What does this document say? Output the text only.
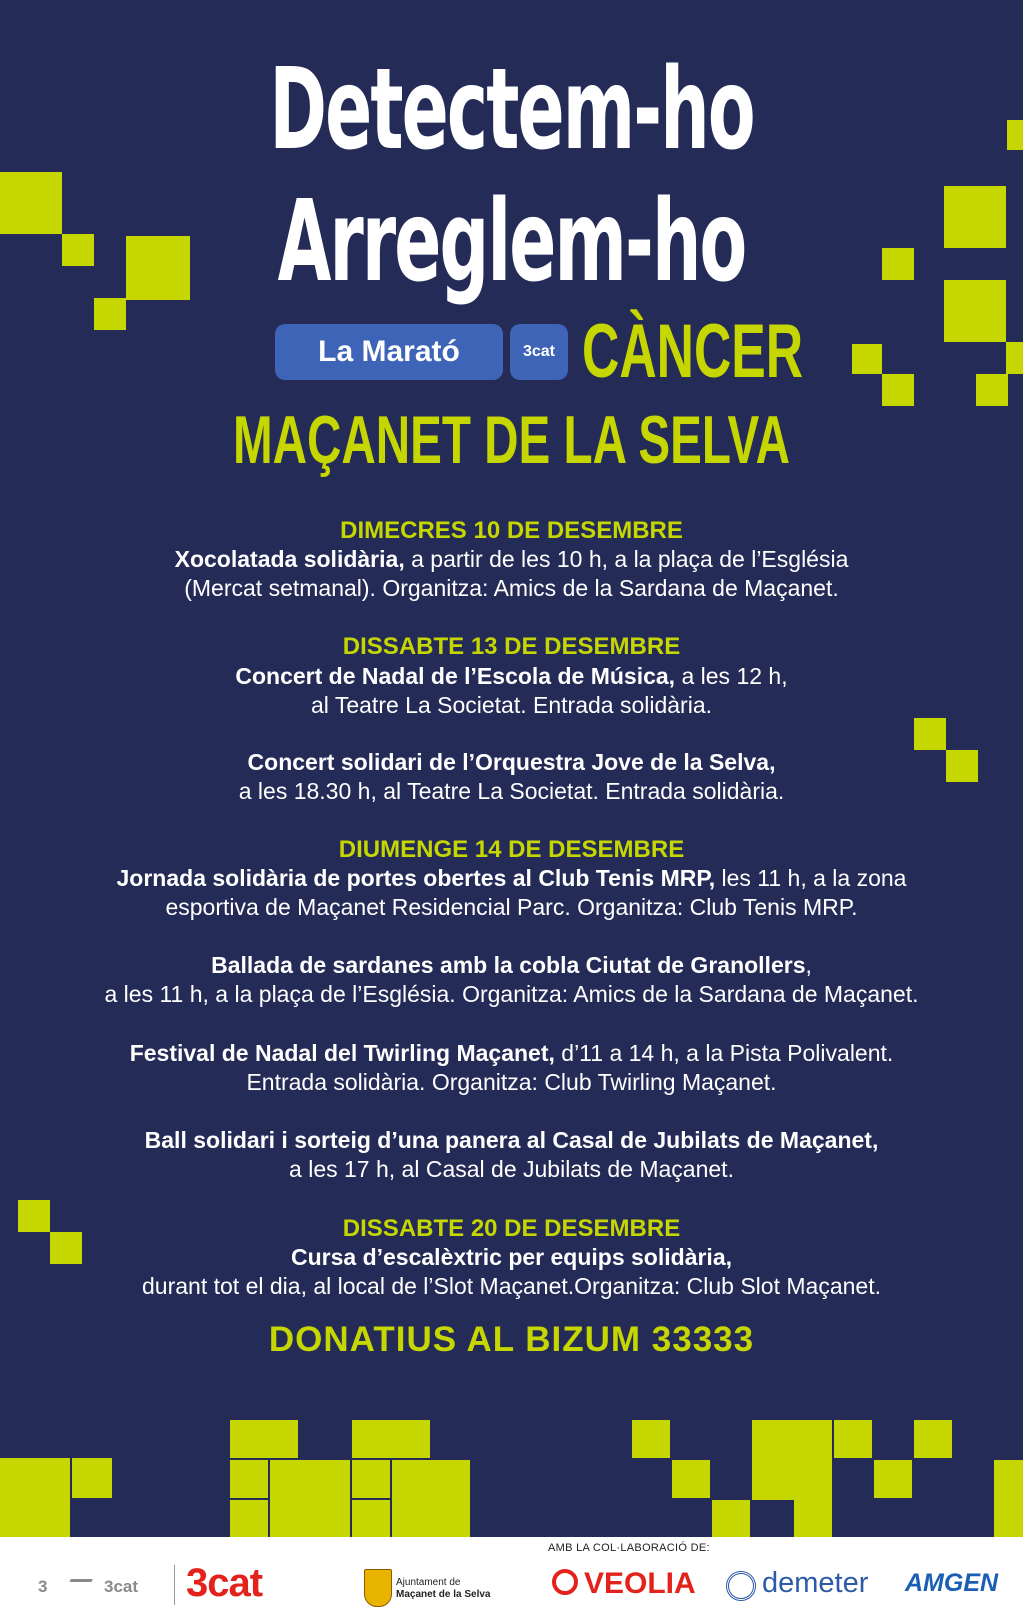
Detectem-ho
Arreglem-ho
La Marató	3cat CÀNCER
MAÇANET DE LA SELVA
DIMECRES 10 DE DESEMBRE
Xocolatada solidària, a partir de les 10 h, a la plaça de l’Església
(Mercat setmanal). Organitza: Amics de la Sardana de Maçanet.
DISSABTE 13 DE DESEMBRE
Concert de Nadal de l’Escola de Música, a les 12 h,
al Teatre La Societat. Entrada solidària.
Concert solidari de l’Orquestra Jove de la Selva,
a les 18.30 h, al Teatre La Societat. Entrada solidària.
DIUMENGE 14 DE DESEMBRE
Jornada solidària de portes obertes al Club Tenis MRP, les 11 h, a la zona
esportiva de Maçanet Residencial Parc. Organitza: Club Tenis MRP.
Ballada de sardanes amb la cobla Ciutat de Granollers,
a les 11 h, a la plaça de l’Església. Organitza: Amics de la Sardana de Maçanet.
Festival de Nadal del Twirling Maçanet, d’11 a 14 h, a la Pista Polivalent.
Entrada solidària. Organitza: Club Twirling Maçanet.
Ball solidari i sorteig d’una panera al Casal de Jubilats de Maçanet,
a les 17 h, al Casal de Jubilats de Maçanet.
DISSABTE 20 DE DESEMBRE
Cursa d’escalèxtric per equips solidària,
durant tot el dia, al local de l’Slot Maçanet.Organitza: Club Slot Maçanet.
DONATIUS AL BIZUM 33333
AMB LA COL·LABORACIÓ DE:
3	3cat 3cat	Ajuntament de
Maçanet de la Selva	VEOLIA demeter AMGEN
